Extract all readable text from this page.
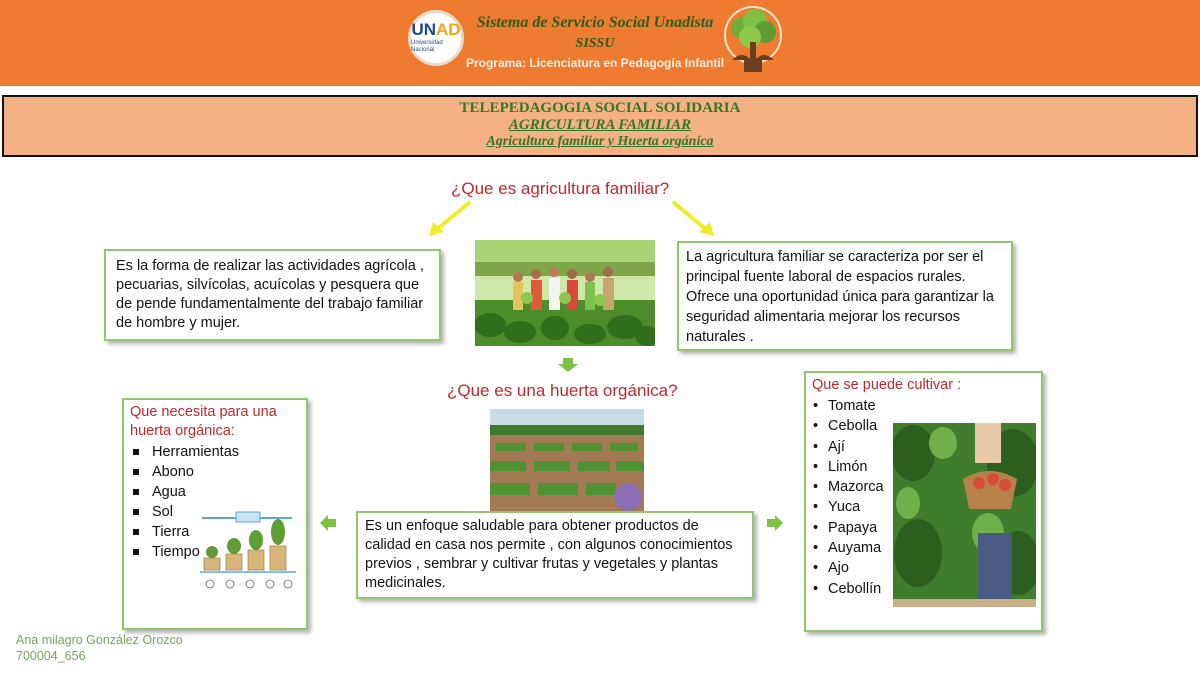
UNAD
Universidad Nacional
Sistema de Servicio Social Unadista
SISSU
Programa: Licenciatura en Pedagogía Infantil
TELEPEDAGOGIA SOCIAL SOLIDARIA
AGRICULTURA FAMILIAR
Agricultura familiar y Huerta orgánica
¿Que es agricultura familiar?
Es la forma de realizar las actividades agrícola , pecuarias, silvícolas, acuícolas y pesquera que de pende fundamentalmente del trabajo familiar de hombre y mujer.
La agricultura familiar se caracteriza por ser el principal fuente laboral de espacios rurales. Ofrece una oportunidad única para garantizar la seguridad alimentaria mejorar los recursos naturales .
¿Que es una huerta orgánica?
Es un enfoque saludable para obtener productos de calidad en casa nos permite , con algunos conocimientos previos , sembrar y cultivar frutas y vegetales y plantas medicinales.
Que necesita para una huerta orgánica:
Herramientas
Abono
Agua
Sol
Tierra
Tiempo
Que se puede cultivar :
• Tomate
• Cebolla
• Ají
• Limón
• Mazorca
• Yuca
• Papaya
• Auyama
• Ajo
• Cebollín
Ana milagro González Orozco
700004_656
